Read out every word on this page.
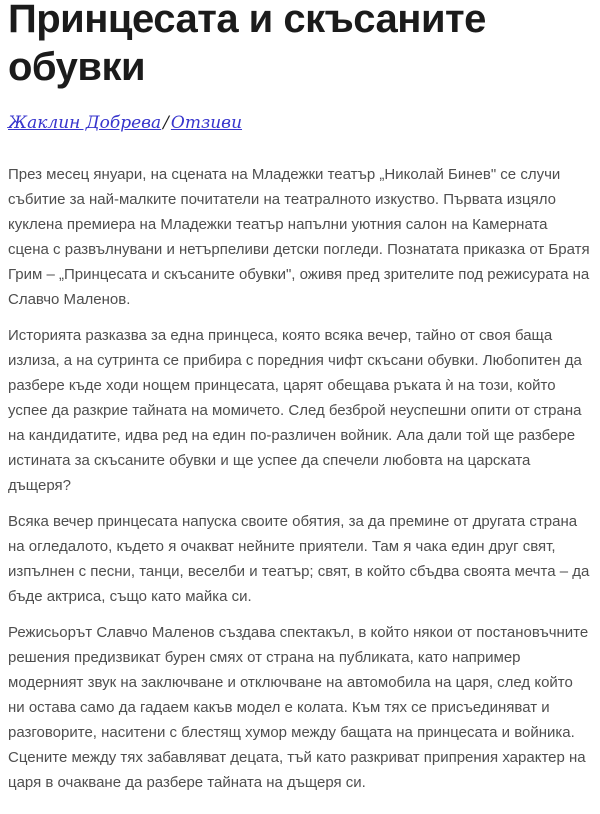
Принцесата и скъсаните обувки
Жаклин Добрева / Отзиви

През месец януари, на сцената на Младежки театър „Николай Бинев" се случи събитие за най-малките почитатели на театралното изкуство. Първата изцяло куклена премиера на Младежки театър напълни уютния салон на Камерната сцена с развълнувани и нетърпеливи детски погледи. Познатата приказка от Братя Грим – „Принцесата и скъсаните обувки", оживя пред зрителите под режисурата на Славчо Маленов.

Историята разказва за една принцеса, която всяка вечер, тайно от своя баща излиза, а на сутринта се прибира с поредния чифт скъсани обувки. Любопитен да разбере къде ходи нощем принцесата, царят обещава ръката ѝ на този, който успее да разкрие тайната на момичето. След безброй неуспешни опити от страна на кандидатите, идва ред на един по-различен войник. Ала дали той ще разбере истината за скъсаните обувки и ще успее да спечели любовта на царската дъщеря?

Всяка вечер принцесата напуска своите обятия, за да премине от другата страна на огледалото, където я очакват нейните приятели. Там я чака един друг свят, изпълнен с песни, танци, веселби и театър; свят, в който сбъдва своята мечта – да бъде актриса, също като майка си.

Режисьорът Славчо Маленов създава спектакъл, в който някои от постановъчните решения предизвикат бурен смях от страна на публиката, като например модерният звук на заключване и отключване на автомобила на царя, след който ни остава само да гадаем какъв модел е колата. Към тях се присъединяват и разговорите, наситени с блестящ хумор между бащата на принцесата и войника. Сцените между тях забавляват децата, тъй като разкриват припрения характер на царя в очакване да разбере тайната на дъщеря си.
